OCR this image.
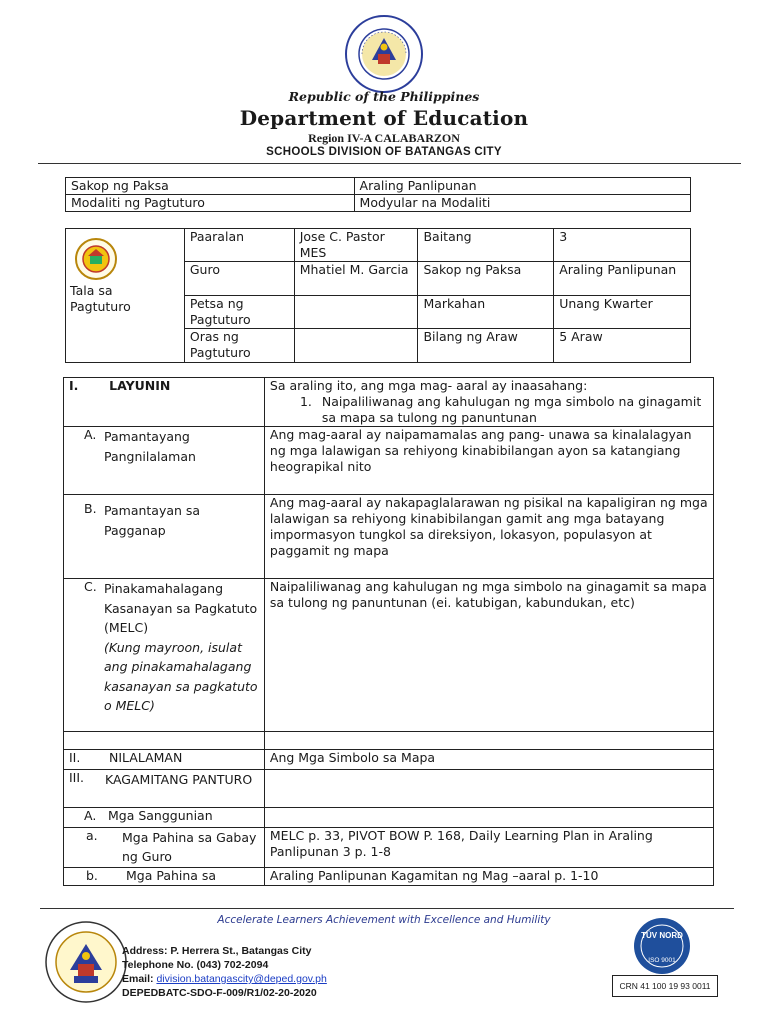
Republic of the Philippines
Department of Education
Region IV-A CALABARZON
SCHOOLS DIVISION OF BATANGAS CITY
Sakop ng Paksa	Araling Panlipunan
Modaliti ng Pagtuturo	Modyular na Modaliti
Tala sa Pagtuturo	Paaralan	Jose C. Pastor MES	Baitang	3
	Guro	Mhatiel M. Garcia	Sakop ng Paksa	Araling Panlipunan
	Petsa ng Pagtuturo		Markahan	Unang Kwarter
	Oras ng Pagtuturo		Bilang ng Araw	5 Araw
I. LAYUNIN	Sa araling ito, ang mga mag- aaral ay inaasahang:
1. Naipaliliwanag ang kahulugan ng mga simbolo na ginagamit sa mapa sa tulong ng panuntunan

A. Pamantayang Pangnilalaman	Ang mag-aaral ay naipamamalas ang pang- unawa sa kinalalagyan ng mga lalawigan sa rehiyong kinabibilangan ayon sa katangiang heograpikal nito

B. Pamantayan sa Pagganap	Ang mag-aaral ay nakapaglalarawan ng pisikal na kapaligiran ng mga lalawigan sa rehiyong kinabibilangan gamit ang mga batayang impormasyon tungkol sa direksiyon, lokasyon, populasyon at paggamit ng mapa

C. Pinakamahalagang Kasanayan sa Pagkatuto (MELC)
(Kung mayroon, isulat ang pinakamahalagang kasanayan sa pagkatuto o MELC)	Naipaliliwanag ang kahulugan ng mga simbolo na ginagamit sa mapa sa tulong ng panuntunan (ei. katubigan, kabundukan, etc)

II. NILALAMAN	Ang Mga Simbolo sa Mapa

III. KAGAMITANG PANTURO	

A. Mga Sanggunian	

a. Mga Pahina sa Gabay ng Guro	MELC p. 33, PIVOT BOW P. 168, Daily Learning Plan in Araling Panlipunan 3 p. 1-8
b. Mga Pahina sa	Araling Panlipunan Kagamitan ng Mag –aaral p. 1-10
Accelerate Learners Achievement with Excellence and Humility
Address: P. Herrera St., Batangas City
Telephone No. (043) 702-2094
Email: division.batangascity@deped.gov.ph
DEPEDBATC-SDO-F-009/R1/02-20-2020
TÜV NORD
ISO 9001
CRN 41 100 19 93 0011
